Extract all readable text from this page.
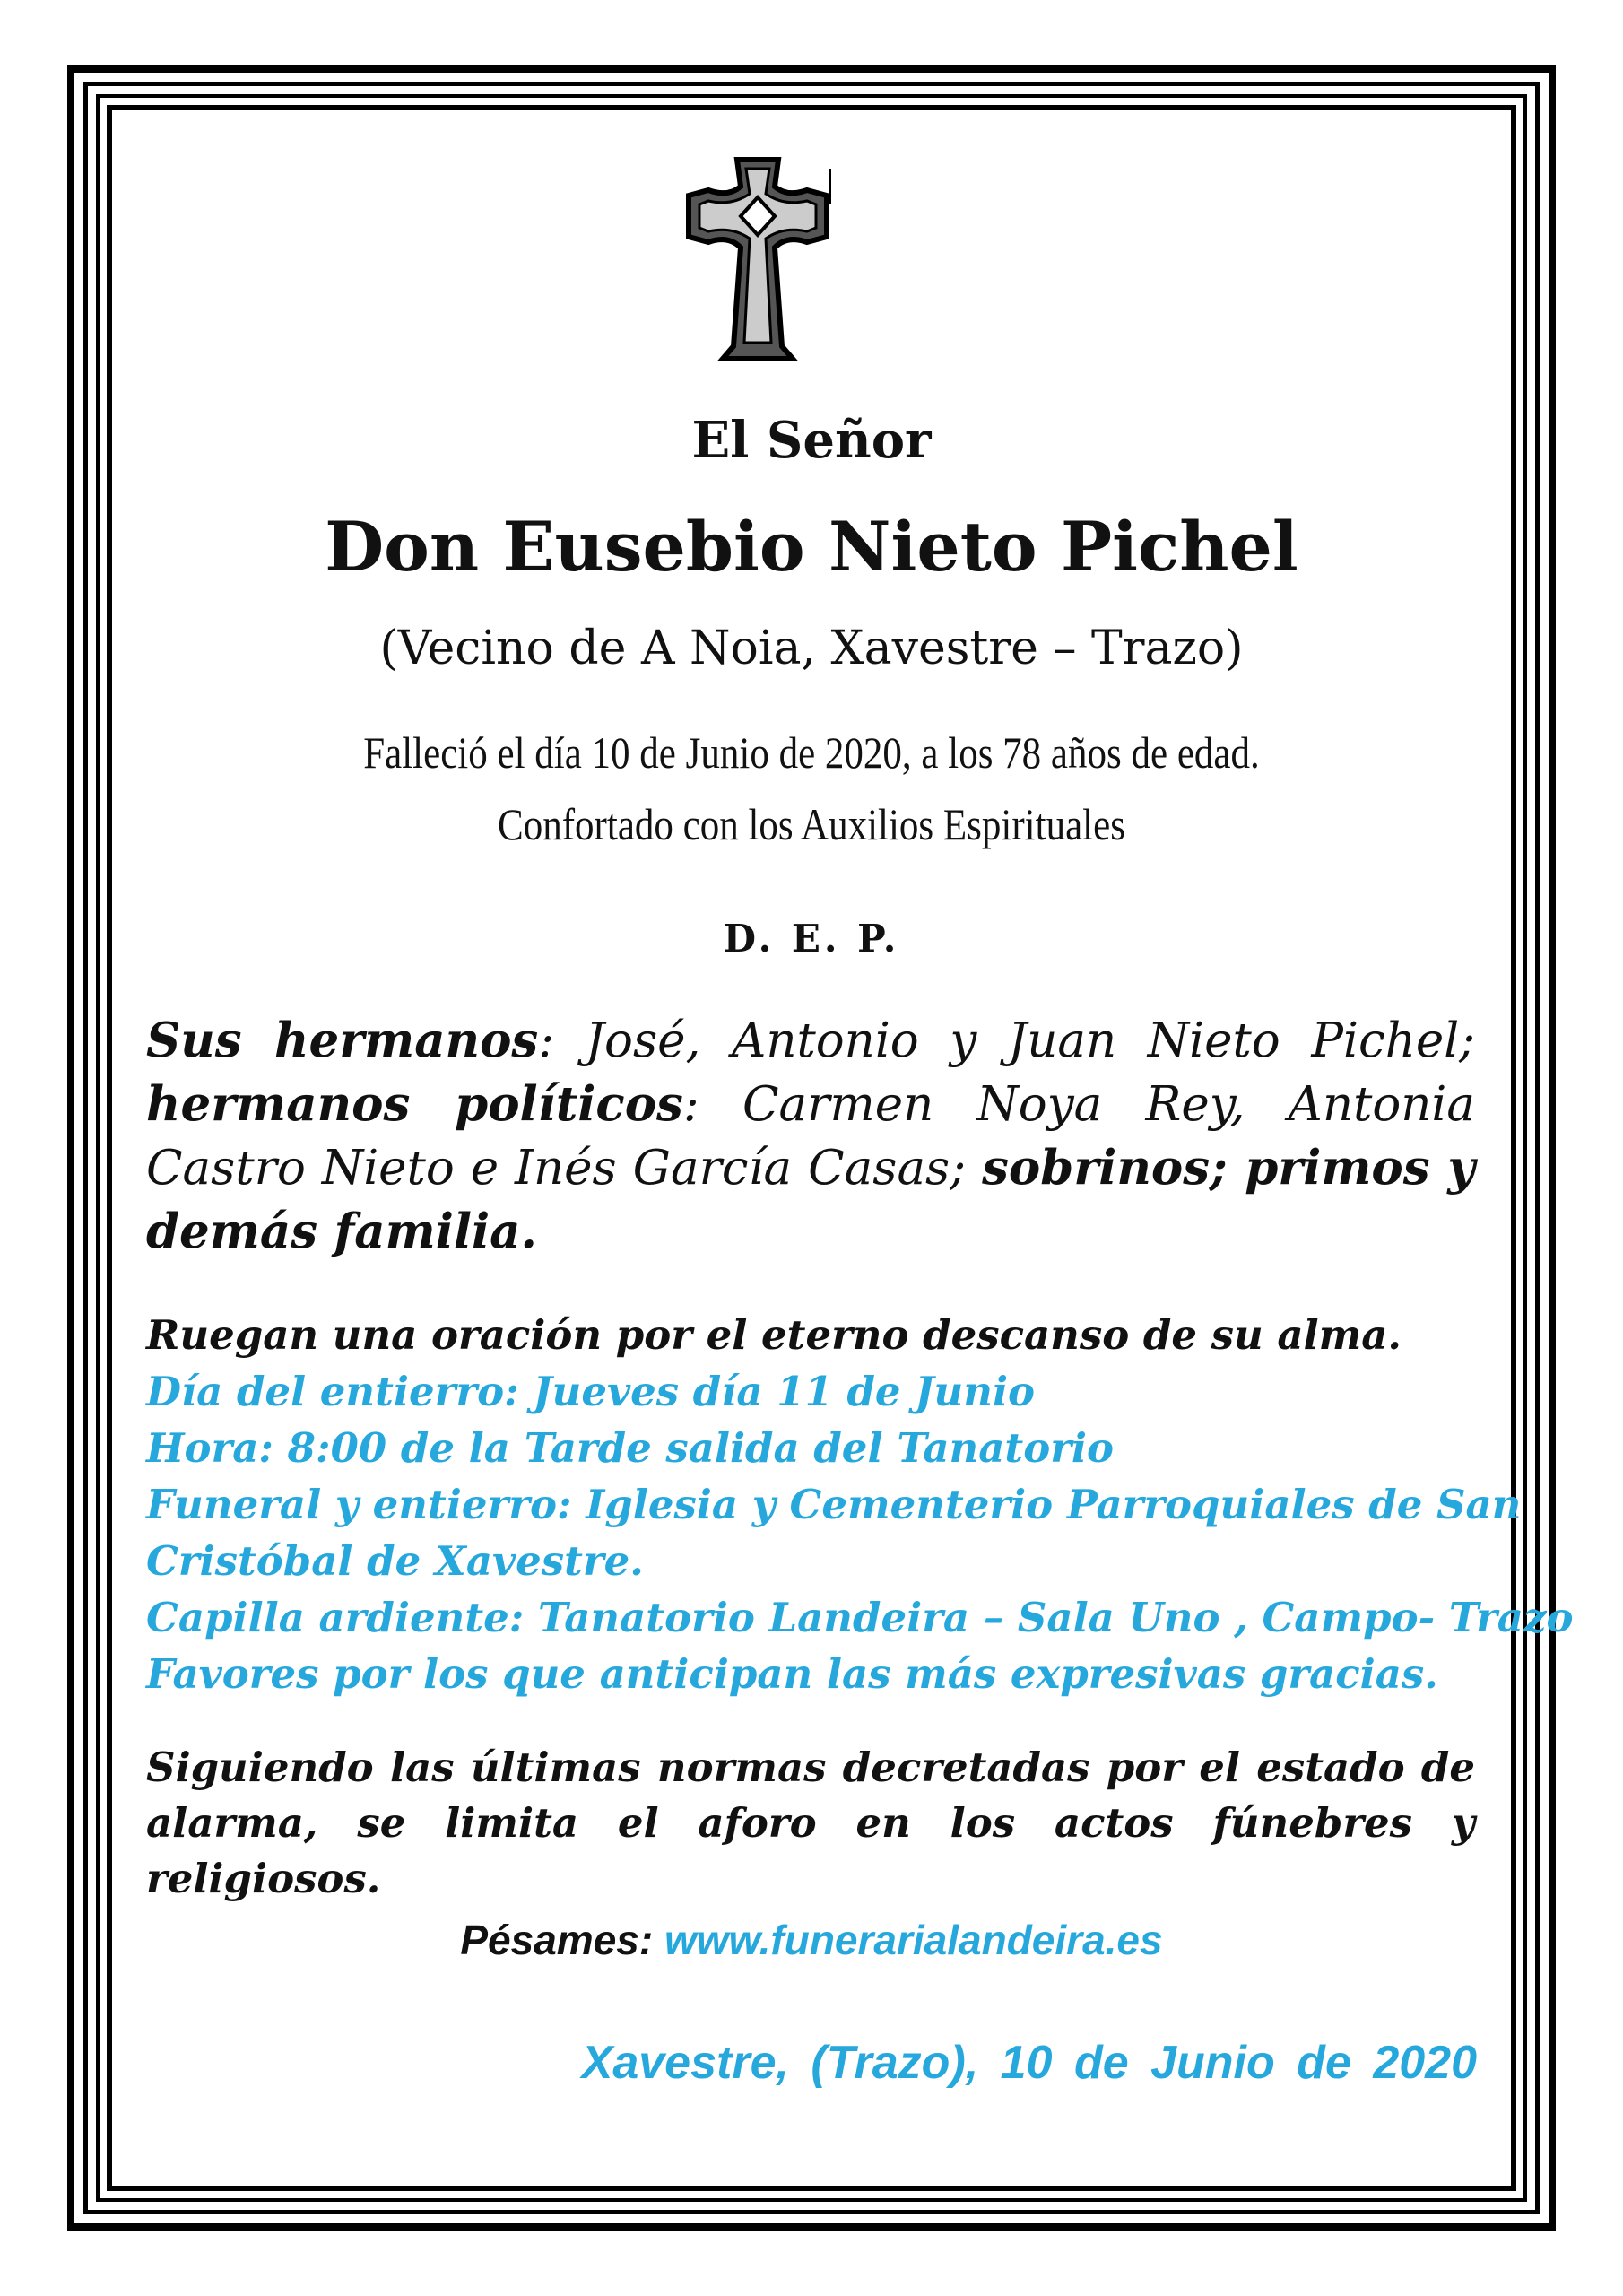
El Señor
Don Eusebio Nieto Pichel
(Vecino de A Noia, Xavestre – Trazo)
Falleció el día 10 de Junio de 2020, a los 78 años de edad.
Confortado con los Auxilios Espirituales
D. E. P.
Sus hermanos: José, Antonio y Juan Nieto Pichel; hermanos políticos: Carmen Noya Rey, Antonia Castro Nieto e Inés García Casas; sobrinos; primos y demás familia.
Ruegan una oración por el eterno descanso de su alma.
Día del entierro: Jueves día 11 de Junio
Hora: 8:00 de la Tarde salida del Tanatorio
Funeral y entierro: Iglesia y Cementerio Parroquiales de San
Cristóbal de Xavestre.
Capilla ardiente: Tanatorio Landeira – Sala Uno , Campo- Trazo
Favores por los que anticipan las más expresivas gracias.
Siguiendo las últimas normas decretadas por el estado de alarma, se limita el aforo en los actos fúnebres y religiosos.
Pésames: www.funerarialandeira.es
Xavestre, (Trazo), 10 de Junio de 2020
